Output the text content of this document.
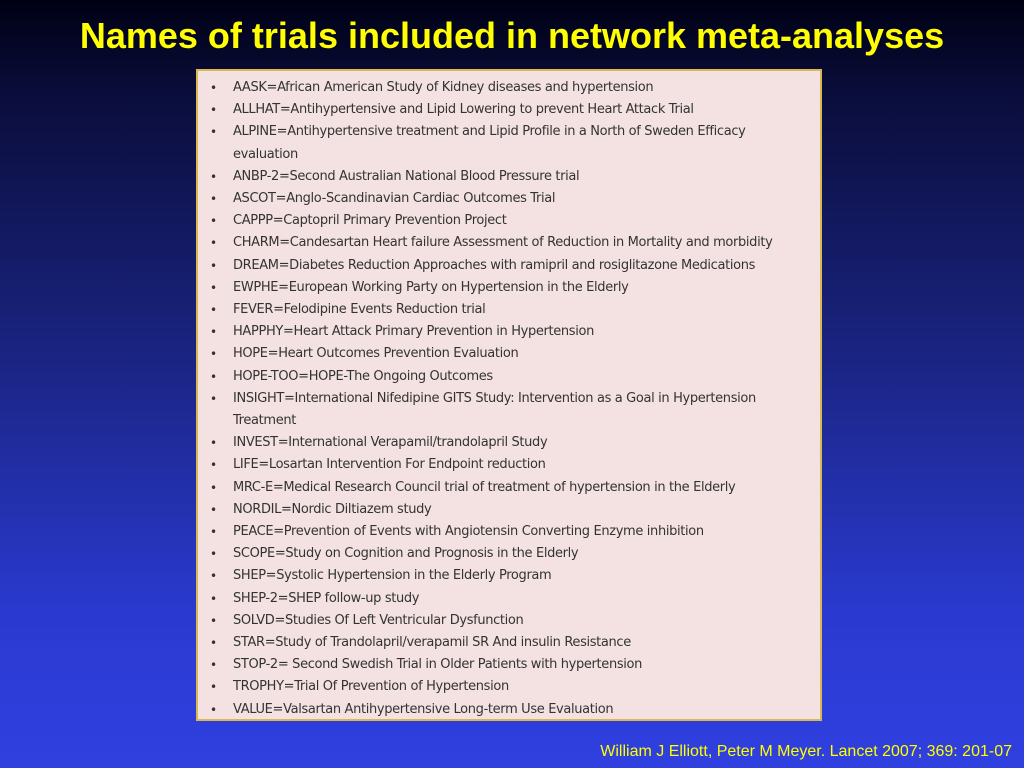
Names of trials included in network meta-analyses
• AASK=African American Study of Kidney diseases and hypertension
• ALLHAT=Antihypertensive and Lipid Lowering to prevent Heart Attack Trial
• ALPINE=Antihypertensive treatment and Lipid Profile in a North of Sweden Efficacy evaluation
• ANBP-2=Second Australian National Blood Pressure trial
• ASCOT=Anglo-Scandinavian Cardiac Outcomes Trial
• CAPPP=Captopril Primary Prevention Project
• CHARM=Candesartan Heart failure Assessment of Reduction in Mortality and morbidity
• DREAM=Diabetes Reduction Approaches with ramipril and rosiglitazone Medications
• EWPHE=European Working Party on Hypertension in the Elderly
• FEVER=Felodipine Events Reduction trial
• HAPPHY=Heart Attack Primary Prevention in Hypertension
• HOPE=Heart Outcomes Prevention Evaluation
• HOPE-TOO=HOPE-The Ongoing Outcomes
• INSIGHT=International Nifedipine GITS Study: Intervention as a Goal in Hypertension Treatment
• INVEST=International Verapamil/trandolapril Study
• LIFE=Losartan Intervention For Endpoint reduction
• MRC-E=Medical Research Council trial of treatment of hypertension in the Elderly
• NORDIL=Nordic Diltiazem study
• PEACE=Prevention of Events with Angiotensin Converting Enzyme inhibition
• SCOPE=Study on Cognition and Prognosis in the Elderly
• SHEP=Systolic Hypertension in the Elderly Program
• SHEP-2=SHEP follow-up study
• SOLVD=Studies Of Left Ventricular Dysfunction
• STAR=Study of Trandolapril/verapamil SR And insulin Resistance
• STOP-2= Second Swedish Trial in Older Patients with hypertension
• TROPHY=Trial Of Prevention of Hypertension
• VALUE=Valsartan Antihypertensive Long-term Use Evaluation
William J Elliott, Peter M Meyer. Lancet 2007; 369: 201-07
